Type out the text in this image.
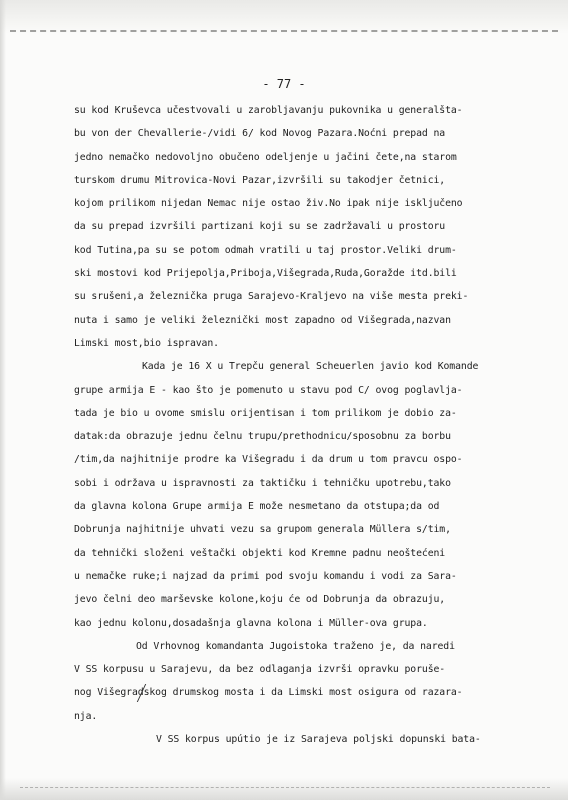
- 77 -
su kod Kruševca učestvovali u zarobljavanju pukovnika u generalšta-
bu von der Chevallerie-/vidi 6/ kod Novog Pazara.Noćni prepad na
jedno nemačko nedovoljno obučeno odeljenje u jačini čete,na starom
turskom drumu Mitrovica-Novi Pazar,izvršili su takodjer četnici,
kojom prilikom nijedan Nemac nije ostao živ.No ipak nije isključeno
da su prepad izvršili partizani koji su se zadržavali u prostoru
kod Tutina,pa su se potom odmah vratili u taj prostor.Veliki drum-
ski mostovi kod Prijepolja,Priboja,Višegrada,Ruda,Goražde itd.bili
su srušeni,a železnička pruga Sarajevo-Kraljevo na više mesta preki-
nuta i samo je veliki železnički most zapadno od Višegrada,nazvan
Limski most,bio ispravan.
Kada je 16 X u Trepču general Scheuerlen javio kod Komande
grupe armija E - kao što je pomenuto u stavu pod C/ ovog poglavlja-
tada je bio u ovome smislu orijentisan i tom prilikom je dobio za-
datak:da obrazuje jednu čelnu trupu/prethodnicu/sposobnu za borbu
/tim,da najhitnije prodre ka Višegradu i da drum u tom pravcu ospo-
sobi i održava u ispravnosti za taktičku i tehničku upotrebu,tako
da glavna kolona Grupe armija E može nesmetano da otstupa;da od
Dobrunja najhitnije uhvati vezu sa grupom generala Müllera s/tim,
da tehnički složeni veštački objekti kod Kremne padnu neoštećeni
u nemačke ruke;i najzad da primi pod svoju komandu i vodi za Sara-
jevo čelni deo marševske kolone,koju će od Dobrunja da obrazuju,
kao jednu kolonu,dosadašnja glavna kolona i Müller-ova grupa.
Od Vrhovnog komandanta Jugoistoka traženo je, da naredi
V SS korpusu u Sarajevu, da bez odlaganja izvrši opravku poruše-
nog Višegradskog drumskog mosta i da Limski most osigura od razara-
nja.
V SS korpus upútio je iz Sarajeva poljski dopunski bata-
